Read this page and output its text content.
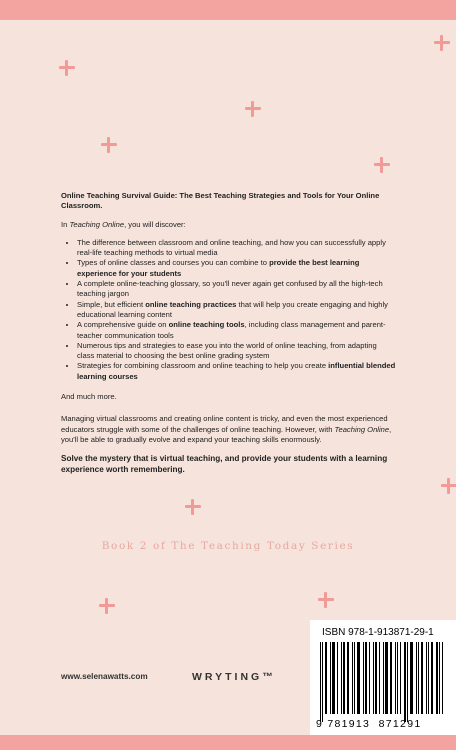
Online Teaching Survival Guide: The Best Teaching Strategies and Tools for Your Online Classroom.

In Teaching Online, you will discover:

• The difference between classroom and online teaching, and how you can successfully apply real-life teaching methods to virtual media
• Types of online classes and courses you can combine to provide the best learning experience for your students
• A complete online-teaching glossary, so you'll never again get confused by all the high-tech teaching jargon
• Simple, but efficient online teaching practices that will help you create engaging and highly educational learning content
• A comprehensive guide on online teaching tools, including class management and parent-teacher communication tools
• Numerous tips and strategies to ease you into the world of online teaching, from adapting class material to choosing the best online grading system
• Strategies for combining classroom and online teaching to help you create influential blended learning courses

And much more.

Managing virtual classrooms and creating online content is tricky, and even the most experienced educators struggle with some of the challenges of online teaching. However, with Teaching Online, you'll be able to gradually evolve and expand your teaching skills enormously.

Solve the mystery that is virtual teaching, and provide your students with a learning experience worth remembering.

Book 2 of The Teaching Today Series
www.selenawatts.com	WRYTING™
ISBN 978-1-913871-29-1
9 781913 871291
